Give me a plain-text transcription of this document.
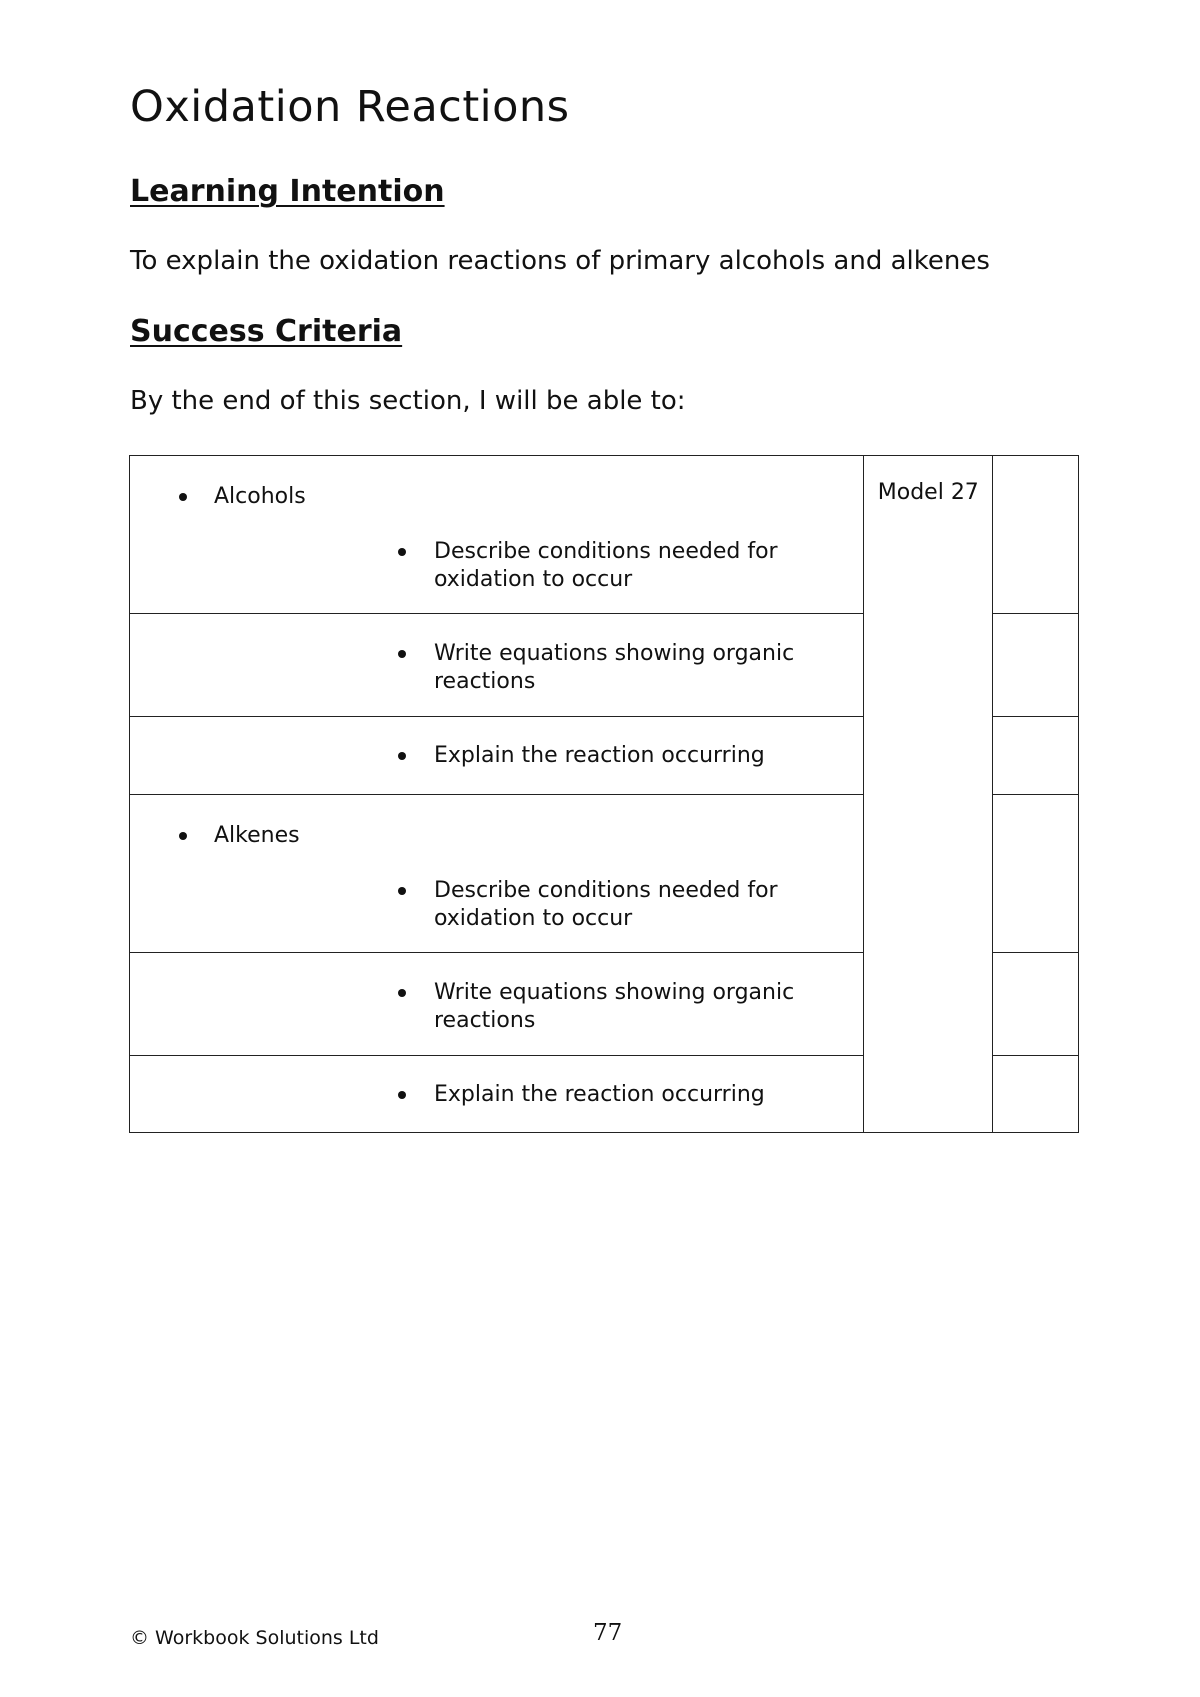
Oxidation Reactions
Learning Intention

To explain the oxidation reactions of primary alcohols and alkenes

Success Criteria

By the end of this section, I will be able to:

Alcohols
Describe conditions needed for
oxidation to occur	Model 27	

Write equations showing organic
reactions		

Explain the reaction occurring		

Alkenes
Describe conditions needed for
oxidation to occur		

Write equations showing organic
reactions		

Explain the reaction occurring		

© Workbook Solutions Ltd	77
